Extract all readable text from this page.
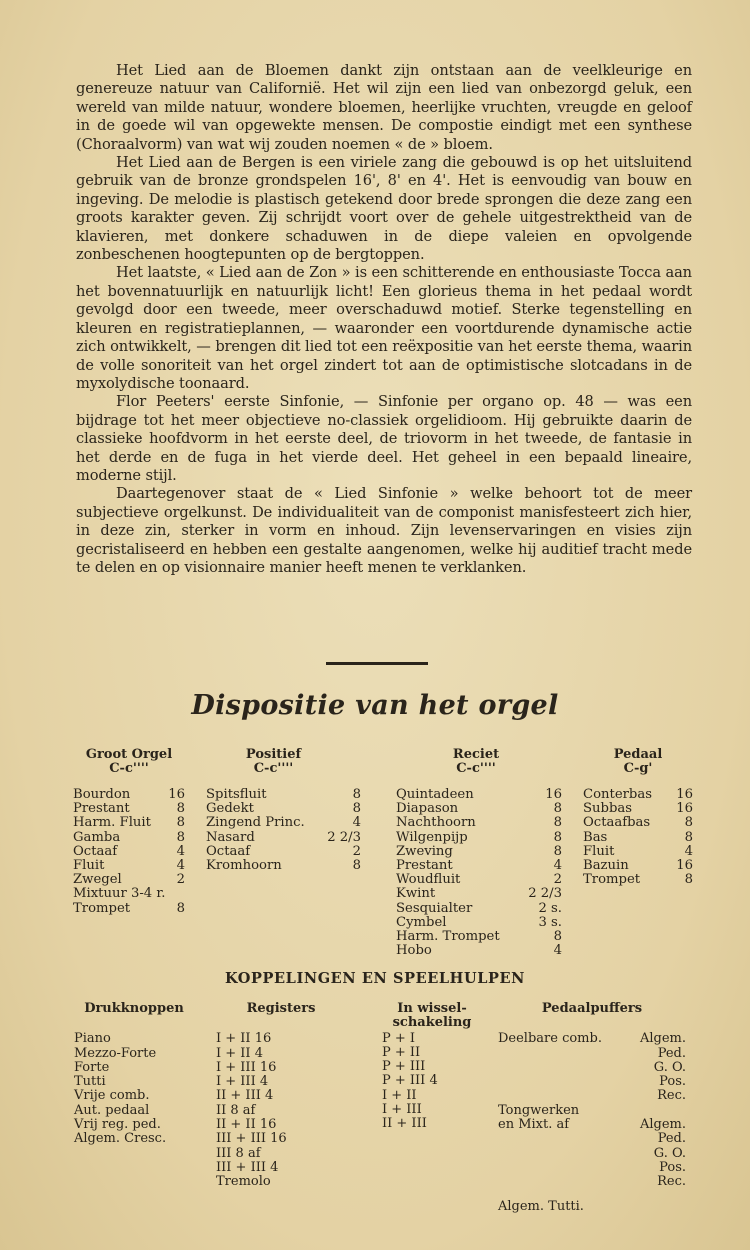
Het Lied aan de Bloemen dankt zijn ontstaan aan de veelkleurige en genereuze natuur van Californië. Het wil zijn een lied van onbezorgd geluk, een wereld van milde natuur, wondere bloemen, heerlijke vruchten, vreugde en geloof in de goede wil van opgewekte mensen. De compostie eindigt met een synthese (Choraalvorm) van wat wij zouden noemen « de » bloem.

Het Lied aan de Bergen is een viriele zang die gebouwd is op het uitsluitend gebruik van de bronze grondspelen 16', 8' en 4'. Het is eenvoudig van bouw en ingeving. De melodie is plastisch getekend door brede sprongen die deze zang een groots karakter geven. Zij schrijdt voort over de gehele uitgestrektheid van de klavieren, met donkere schaduwen in de diepe valeien en opvolgende zonbeschenen hoogtepunten op de bergtoppen.

Het laatste, « Lied aan de Zon » is een schitterende en enthousiaste Tocca aan het bovennatuurlijk en natuurlijk licht! Een glorieus thema in het pedaal wordt gevolgd door een tweede, meer overschaduwd motief. Sterke tegenstelling en kleuren en registratieplannen, — waaronder een voortdurende dynamische actie zich ontwikkelt, — brengen dit lied tot een reëxpositie van het eerste thema, waarin de volle sonoriteit van het orgel zindert tot aan de optimistische slotcadans in de myxolydische toonaard.

Flor Peeters' eerste Sinfonie, — Sinfonie per organo op. 48 — was een bijdrage tot het meer objectieve no-classiek orgelidioom. Hij gebruikte daarin de classieke hoofdvorm in het eerste deel, de triovorm in het tweede, de fantasie in het derde en de fuga in het vierde deel. Het geheel in een bepaald lineaire, moderne stijl.

Daartegenover staat de « Lied Sinfonie » welke behoort tot de meer subjectieve orgelkunst. De individualiteit van de componist manisfesteert zich hier, in deze zin, sterker in vorm en inhoud. Zijn levenservaringen en visies zijn gecristaliseerd en hebben een gestalte aangenomen, welke hij auditief tracht mede te delen en op visionnaire manier heeft menen te verklanken.

Dispositie van het orgel
Groot Orgel
C-c''''
Bourdon	16
Prestant	8
Harm. Fluit	8
Gamba	8
Octaaf	4
Fluit	4
Zwegel	2
Mixtuur 3-4 r.
Trompet	8
Positief
C-c''''
Spitsfluit	8
Gedekt	8
Zingend Princ.	4
Nasard	2 2/3
Octaaf	2
Kromhoorn	8
Reciet
C-c''''
Quintadeen	16
Diapason	8
Nachthoorn	8
Wilgenpijp	8
Zweving	8
Prestant	4
Woudfluit	2
Kwint	2 2/3
Sesquialter	2 s.
Cymbel	3 s.
Harm. Trompet	8
Hobo	4
Pedaal
C-g'
Conterbas	16
Subbas	16
Octaafbas	8
Bas	8
Fluit	4
Bazuin	16
Trompet	8
KOPPELINGEN EN SPEELHULPEN
Drukknoppen
Piano
Mezzo-Forte
Forte
Tutti
Vrije comb.
Aut. pedaal
Vrij reg. ped.
Algem. Cresc.
Registers
I + II 16
I + II 4
I + III 16
I + III 4
II + III 4
II 8 af
II + II 16
III + III 16
III 8 af
III + III 4
Tremolo
In wissel-schakeling
P + I
P + II
P + III
P + III 4
I + II
I + III
II + III
Pedaalpuffers
Deelbare comb.	Algem.
Ped.
G. O.
Pos.
Rec.
Tongwerken
en Mixt. af	Algem.
Ped.
G. O.
Pos.
Rec.
Algem. Tutti.
